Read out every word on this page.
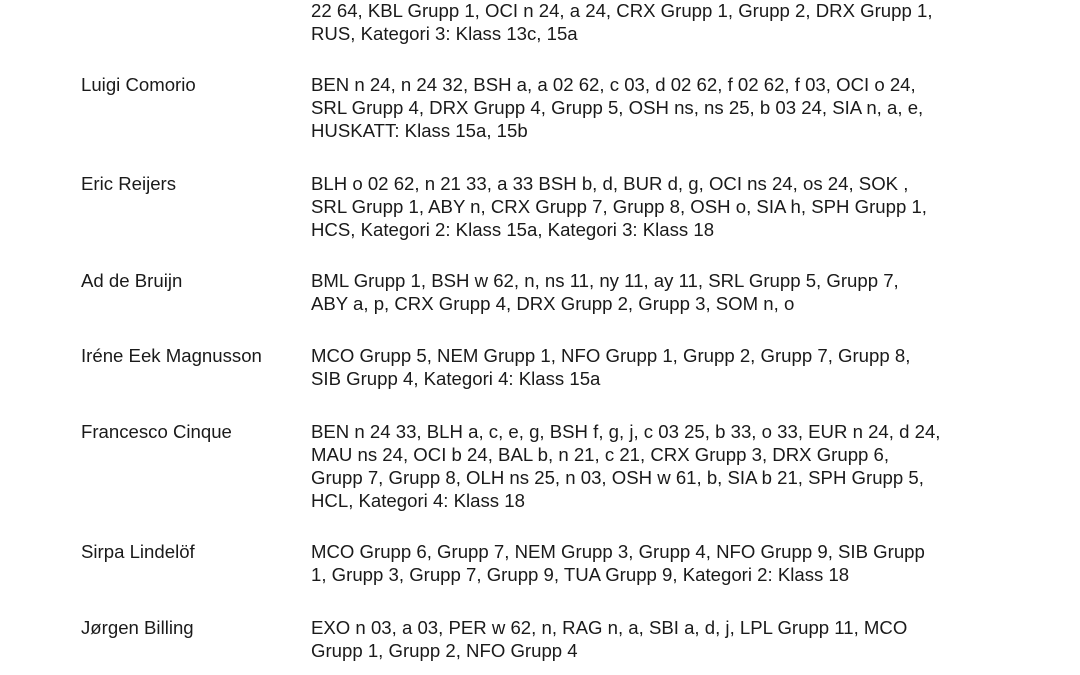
22 64, KBL Grupp 1, OCI n 24, a 24, CRX Grupp 1, Grupp 2, DRX Grupp 1,
RUS, Kategori 3: Klass 13c, 15a
Luigi Comorio	BEN n 24, n 24 32, BSH a, a 02 62, c 03, d 02 62, f 02 62, f 03, OCI o 24,
SRL Grupp 4, DRX Grupp 4, Grupp 5, OSH ns, ns 25, b 03 24, SIA n, a, e,
HUSKATT: Klass 15a, 15b
Eric Reijers	BLH o 02 62, n 21 33, a 33 BSH b, d, BUR d, g, OCI ns 24, os 24, SOK ,
SRL Grupp 1, ABY n, CRX Grupp 7, Grupp 8, OSH o, SIA h, SPH Grupp 1,
HCS, Kategori 2: Klass 15a, Kategori 3: Klass 18
Ad de Bruijn	BML Grupp 1, BSH w 62, n, ns 11, ny 11, ay 11, SRL Grupp 5, Grupp 7,
ABY a, p, CRX Grupp 4, DRX Grupp 2, Grupp 3, SOM n, o
Iréne Eek Magnusson	MCO Grupp 5, NEM Grupp 1, NFO Grupp 1, Grupp 2, Grupp 7, Grupp 8,
SIB Grupp 4, Kategori 4: Klass 15a
Francesco Cinque	BEN n 24 33, BLH a, c, e, g, BSH f, g, j, c 03 25, b 33, o 33, EUR n 24, d 24,
MAU ns 24, OCI b 24, BAL b, n 21, c 21, CRX Grupp 3, DRX Grupp 6,
Grupp 7, Grupp 8, OLH ns 25, n 03, OSH w 61, b, SIA b 21, SPH Grupp 5,
HCL, Kategori 4: Klass 18
Sirpa Lindelöf	MCO Grupp 6, Grupp 7, NEM Grupp 3, Grupp 4, NFO Grupp 9, SIB Grupp
1, Grupp 3, Grupp 7, Grupp 9, TUA Grupp 9, Kategori 2: Klass 18
Jørgen Billing	EXO n 03, a 03, PER w 62, n, RAG n, a, SBI a, d, j, LPL Grupp 11, MCO
Grupp 1, Grupp 2, NFO Grupp 4
